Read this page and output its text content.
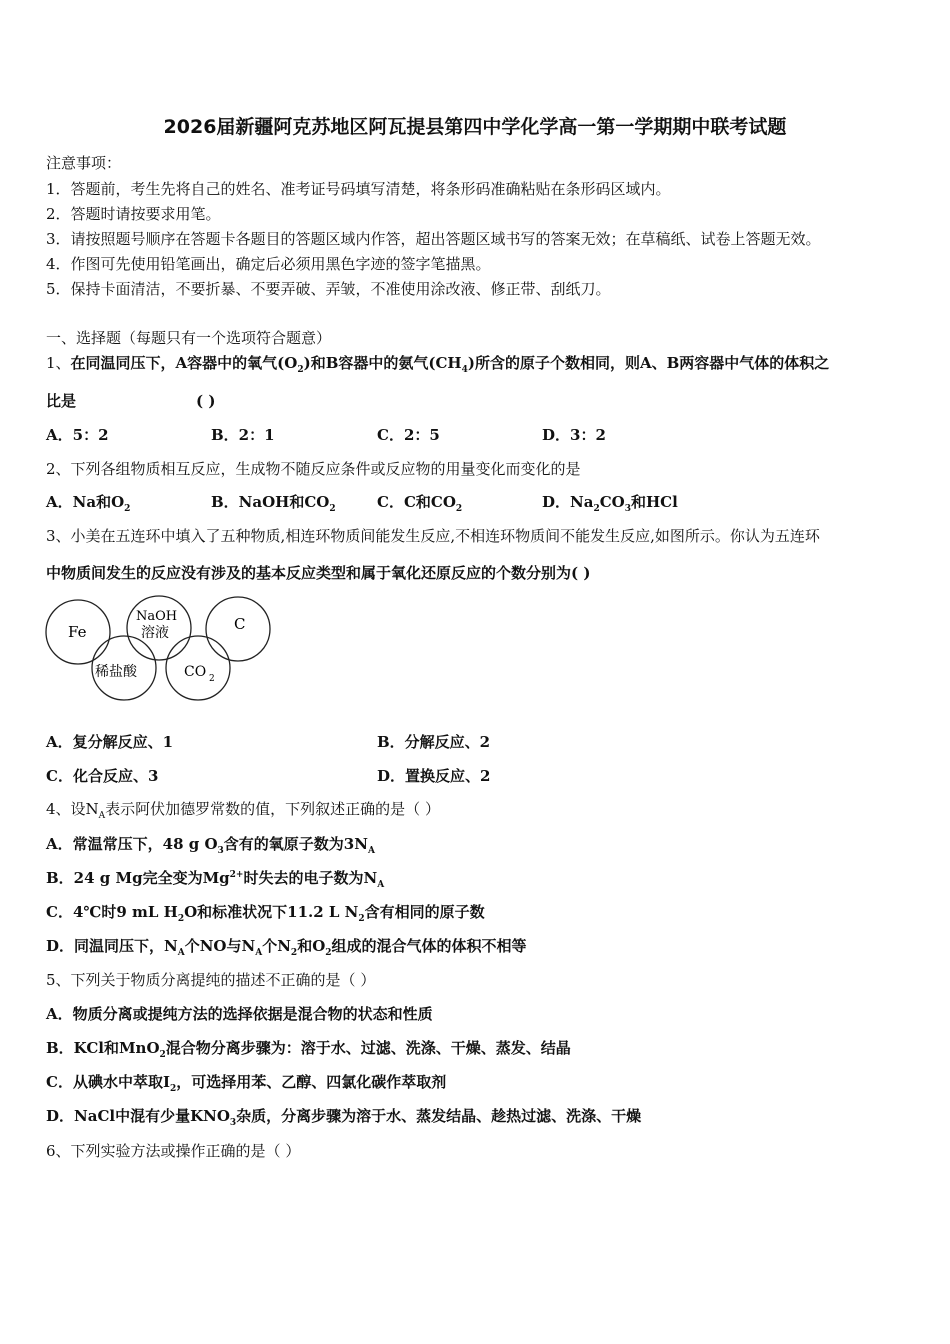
2026届新疆阿克苏地区阿瓦提县第四中学化学高一第一学期期中联考试题
注意事项：
1．答题前，考生先将自己的姓名、准考证号码填写清楚，将条形码准确粘贴在条形码区域内。
2．答题时请按要求用笔。
3．请按照题号顺序在答题卡各题目的答题区域内作答，超出答题区域书写的答案无效；在草稿纸、试卷上答题无效。
4．作图可先使用铅笔画出，确定后必须用黑色字迹的签字笔描黑。
5．保持卡面清洁，不要折暴、不要弄破、弄皱，不准使用涂改液、修正带、刮纸刀。
一、选择题（每题只有一个选项符合题意）
1、在同温同压下，A容器中的氧气$(O_2)$和B容器中的氨气$(CH_4)$所含的原子个数相同，则A、B两容器中气体的体积之
比是	( )
A．5：2	B．2：1	C．2：5	D．3：2
2、下列各组物质相互反应，生成物不随反应条件或反应物的用量变化而变化的是
A．Na和$O_2$	B．NaOH和$CO_2$	C．C和$CO_2$	D．$Na_2CO_3$和HCl
3、小美在五连环中填入了五种物质,相连环物质间能发生反应,不相连环物质间不能发生反应,如图所示。你认为五连环
中物质间发生的反应没有涉及的基本反应类型和属于氧化还原反应的个数分别为( )
Fe
NaOH
溶液	C
稀盐酸	CO 2
A．复分解反应、1	B．分解反应、2
C．化合反应、3	D．置换反应、2
4、设$N_A$表示阿伏加德罗常数的值，下列叙述正确的是（ ）
A．常温常压下，48 g $O_3$含有的氧原子数为$3N_A$
B．24 g Mg完全变为$Mg^{2+}$时失去的电子数为$N_A$
C．4℃时9 mL $H_2O$和标准状况下11.2 L $N_2$含有相同的原子数
D．同温同压下，$N_A$个NO与$N_A$个$N_2$和$O_2$组成的混合气体的体积不相等
5、下列关于物质分离提纯的描述不正确的是（ ）
A．物质分离或提纯方法的选择依据是混合物的状态和性质
B．KCl和MnO$_2$混合物分离步骤为：溶于水、过滤、洗涤、干燥、蒸发、结晶
C．从碘水中萃取$I_2$，可选择用苯、乙醇、四氯化碳作萃取剂
D．NaCl中混有少量$KNO_3$杂质，分离步骤为溶于水、蒸发结晶、趁热过滤、洗涤、干燥
6、下列实验方法或操作正确的是（ ）
